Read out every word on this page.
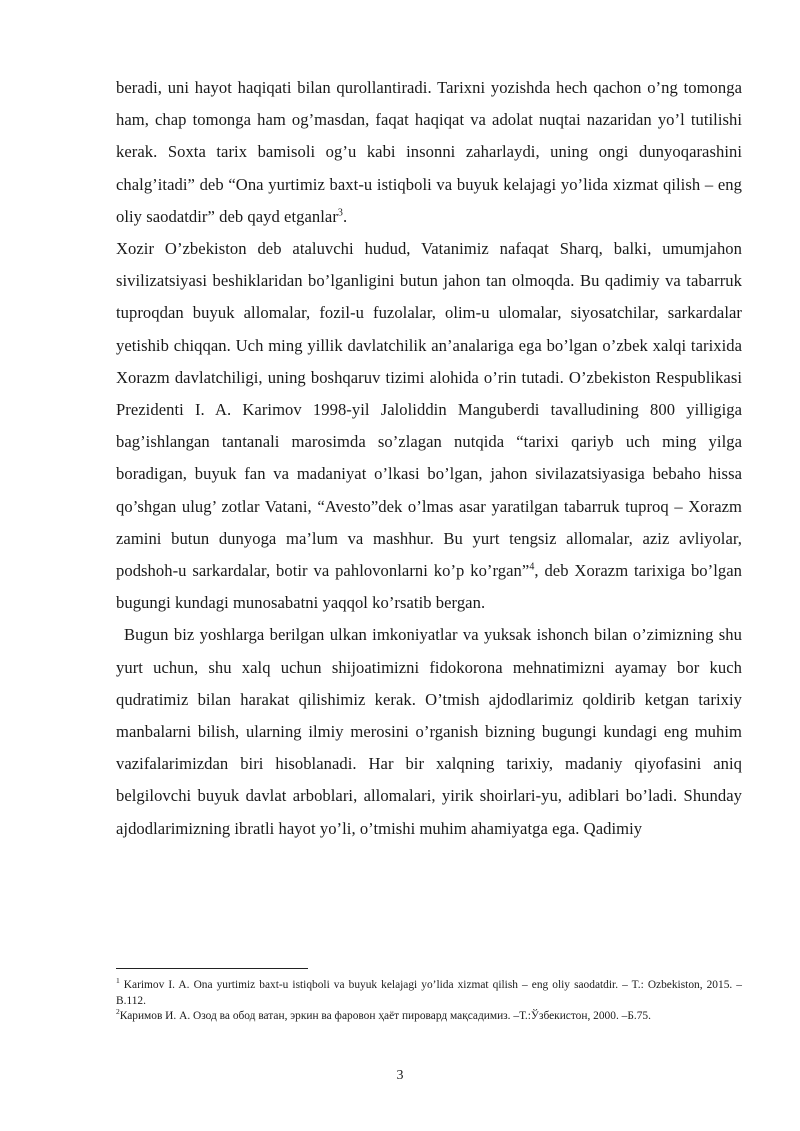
beradi, uni hayot haqiqati bilan qurollantiradi. Tarixni yozishda hech qachon o’ng tomonga ham, chap tomonga ham og’masdan, faqat haqiqat va adolat nuqtai nazaridan yo’l tutilishi kerak. Soxta tarix bamisoli og’u kabi insonni zaharlaydi, uning ongi dunyoqarashini chalg’itadi” deb “Ona yurtimiz baxt-u istiqboli va buyuk kelajagi yo’lida xizmat qilish – eng oliy saodatdir” deb qayd etganlar$^3$.

Xozir O’zbekiston deb ataluvchi hudud, Vatanimiz nafaqat Sharq, balki, umumjahon sivilizatsiyasi beshiklaridan bo’lganligini butun jahon tan olmoqda. Bu qadimiy va tabarruk tuproqdan buyuk allomalar, fozil-u fuzolalar, olim-u ulomalar, siyosatchilar, sarkardalar yetishib chiqqan. Uch ming yillik davlatchilik an’analariga ega bo’lgan o’zbek xalqi tarixida Xorazm davlatchiligi, uning boshqaruv tizimi alohida o’rin tutadi. O’zbekiston Respublikasi Prezidenti I. A. Karimov 1998-yil Jaloliddin Manguberdi tavalludining 800 yilligiga bag’ishlangan tantanali marosimda so’zlagan nutqida “tarixi qariyb uch ming yilga boradigan, buyuk fan va madaniyat o’lkasi bo’lgan, jahon sivilazatsiyasiga bebaho hissa qo’shgan ulug’ zotlar Vatani, “Avesto”dek o’lmas asar yaratilgan tabarruk tuproq – Xorazm zamini butun dunyoga ma’lum va mashhur. Bu yurt tengsiz allomalar, aziz avliyolar, podshoh-u sarkardalar, botir va pahlovonlarni ko’p ko’rgan”$^4$, deb Xorazm tarixiga bo’lgan bugungi kundagi munosabatni yaqqol ko’rsatib bergan.

Bugun biz yoshlarga berilgan ulkan imkoniyatlar va yuksak ishonch bilan o’zimizning shu yurt uchun, shu xalq uchun shijoatimizni fidokorona mehnatimizni ayamay bor kuch qudratimiz bilan harakat qilishimiz kerak. O’tmish ajdodlarimiz qoldirib ketgan tarixiy manbalarni bilish, ularning ilmiy merosini o’rganish bizning bugungi kundagi eng muhim vazifalarimizdan biri hisoblanadi. Har bir xalqning tarixiy, madaniy qiyofasini aniq belgilovchi buyuk davlat arboblari, allomalari, yirik shoirlari-yu, adiblari bo’ladi. Shunday ajdodlarimizning ibratli hayot yo’li, o’tmishi muhim ahamiyatga ega. Qadimiy

$^1$ Karimov I. A. Ona yurtimiz baxt-u istiqboli va buyuk kelajagi yo’lida xizmat qilish – eng oliy saodatdir. – T.: Ozbekiston, 2015. – B.112.

$^2$Каримов И. А. Озод ва обод ватан, эркин ва фаровон ҳаёт пировард мақсадимиз. –Т.:Ўзбекистон, 2000. –Б.75.

3
